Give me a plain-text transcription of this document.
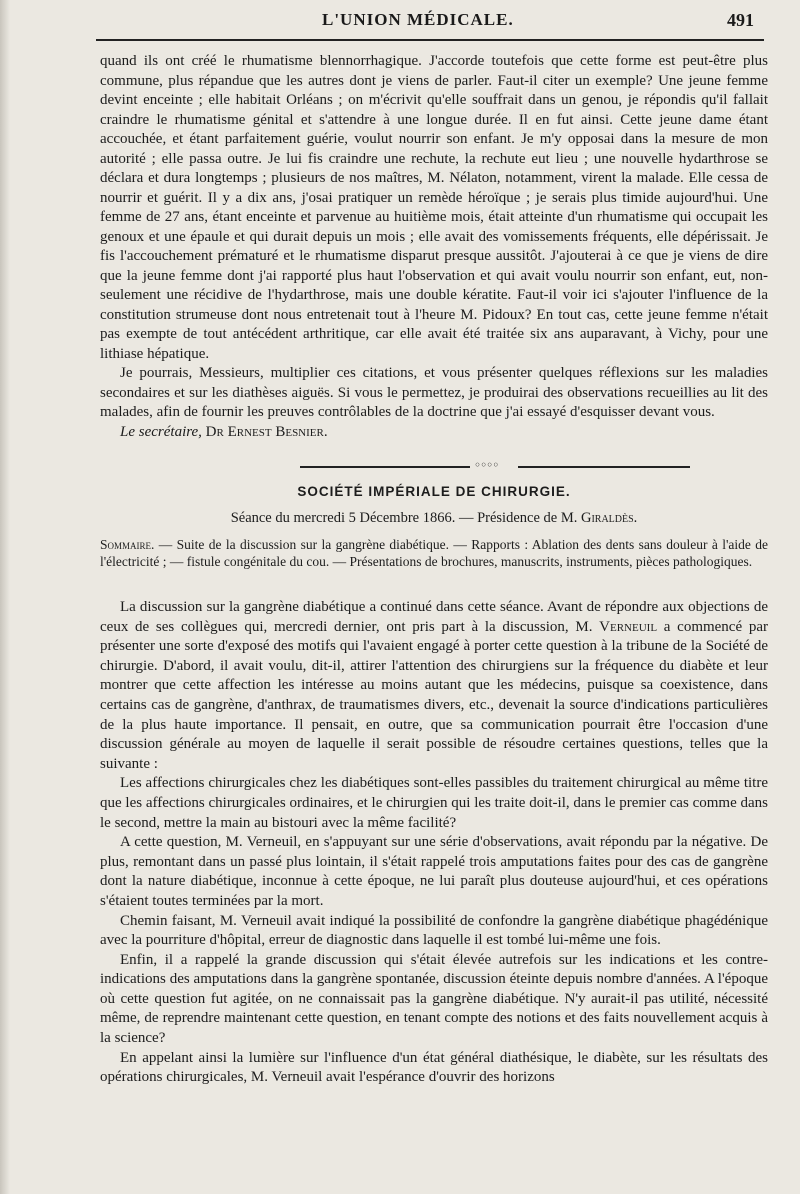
L'UNION MÉDICALE.	491

quand ils ont créé le rhumatisme blennorrhagique. J'accorde toutefois que cette forme est peut-être plus commune, plus répandue que les autres dont je viens de parler. Faut-il citer un exemple? Une jeune femme devint enceinte ; elle habitait Orléans ; on m'écrivit qu'elle souffrait dans un genou, je répondis qu'il fallait craindre le rhumatisme génital et s'attendre à une longue durée. Il en fut ainsi. Cette jeune dame étant accouchée, et étant parfaitement guérie, voulut nourrir son enfant. Je m'y opposai dans la mesure de mon autorité ; elle passa outre. Je lui fis craindre une rechute, la rechute eut lieu ; une nouvelle hydarthrose se déclara et dura longtemps ; plusieurs de nos maîtres, M. Nélaton, notamment, virent la malade. Elle cessa de nourrir et guérit. Il y a dix ans, j'osai pratiquer un remède héroïque ; je serais plus timide aujourd'hui. Une femme de 27 ans, étant enceinte et parvenue au huitième mois, était atteinte d'un rhumatisme qui occupait les genoux et une épaule et qui durait depuis un mois ; elle avait des vomissements fréquents, elle dépérissait. Je fis l'accouchement prématuré et le rhumatisme disparut presque aussitôt. J'ajouterai à ce que je viens de dire que la jeune femme dont j'ai rapporté plus haut l'observation et qui avait voulu nourrir son enfant, eut, non-seulement une récidive de l'hydarthrose, mais une double kératite. Faut-il voir ici s'ajouter l'influence de la constitution strumeuse dont nous entretenait tout à l'heure M. Pidoux? En tout cas, cette jeune femme n'était pas exempte de tout antécédent arthritique, car elle avait été traitée six ans auparavant, à Vichy, pour une lithiase hépatique.

Je pourrais, Messieurs, multiplier ces citations, et vous présenter quelques réflexions sur les maladies secondaires et sur les diathèses aiguës. Si vous le permettez, je produirai des observations recueillies au lit des malades, afin de fournir les preuves contrôlables de la doctrine que j'ai essayé d'esquisser devant vous.

Le secrétaire, Dr Ernest Besnier.

◦◦◦◦
SOCIÉTÉ IMPÉRIALE DE CHIRURGIE.
Séance du mercredi 5 Décembre 1866. — Présidence de M. Giraldès.
Sommaire. — Suite de la discussion sur la gangrène diabétique. — Rapports : Ablation des dents sans douleur à l'aide de l'électricité ; — fistule congénitale du cou. — Présentations de brochures, manuscrits, instruments, pièces pathologiques.

La discussion sur la gangrène diabétique a continué dans cette séance. Avant de répondre aux objections de ceux de ses collègues qui, mercredi dernier, ont pris part à la discussion, M. Verneuil a commencé par présenter une sorte d'exposé des motifs qui l'avaient engagé à porter cette question à la tribune de la Société de chirurgie. D'abord, il avait voulu, dit-il, attirer l'attention des chirurgiens sur la fréquence du diabète et leur montrer que cette affection les intéresse au moins autant que les médecins, puisque sa coexistence, dans certains cas de gangrène, d'anthrax, de traumatismes divers, etc., devenait la source d'indications particulières de la plus haute importance. Il pensait, en outre, que sa communication pourrait être l'occasion d'une discussion générale au moyen de laquelle il serait possible de résoudre certaines questions, telles que la suivante :

Les affections chirurgicales chez les diabétiques sont-elles passibles du traitement chirurgical au même titre que les affections chirurgicales ordinaires, et le chirurgien qui les traite doit-il, dans le premier cas comme dans le second, mettre la main au bistouri avec la même facilité?

A cette question, M. Verneuil, en s'appuyant sur une série d'observations, avait répondu par la négative. De plus, remontant dans un passé plus lointain, il s'était rappelé trois amputations faites pour des cas de gangrène dont la nature diabétique, inconnue à cette époque, ne lui paraît plus douteuse aujourd'hui, et ces opérations s'étaient toutes terminées par la mort.

Chemin faisant, M. Verneuil avait indiqué la possibilité de confondre la gangrène diabétique phagédénique avec la pourriture d'hôpital, erreur de diagnostic dans laquelle il est tombé lui-même une fois.

Enfin, il a rappelé la grande discussion qui s'était élevée autrefois sur les indications et les contre-indications des amputations dans la gangrène spontanée, discussion éteinte depuis nombre d'années. A l'époque où cette question fut agitée, on ne connaissait pas la gangrène diabétique. N'y aurait-il pas utilité, nécessité même, de reprendre maintenant cette question, en tenant compte des notions et des faits nouvellement acquis à la science?

En appelant ainsi la lumière sur l'influence d'un état général diathésique, le diabète, sur les résultats des opérations chirurgicales, M. Verneuil avait l'espérance d'ouvrir des horizons
